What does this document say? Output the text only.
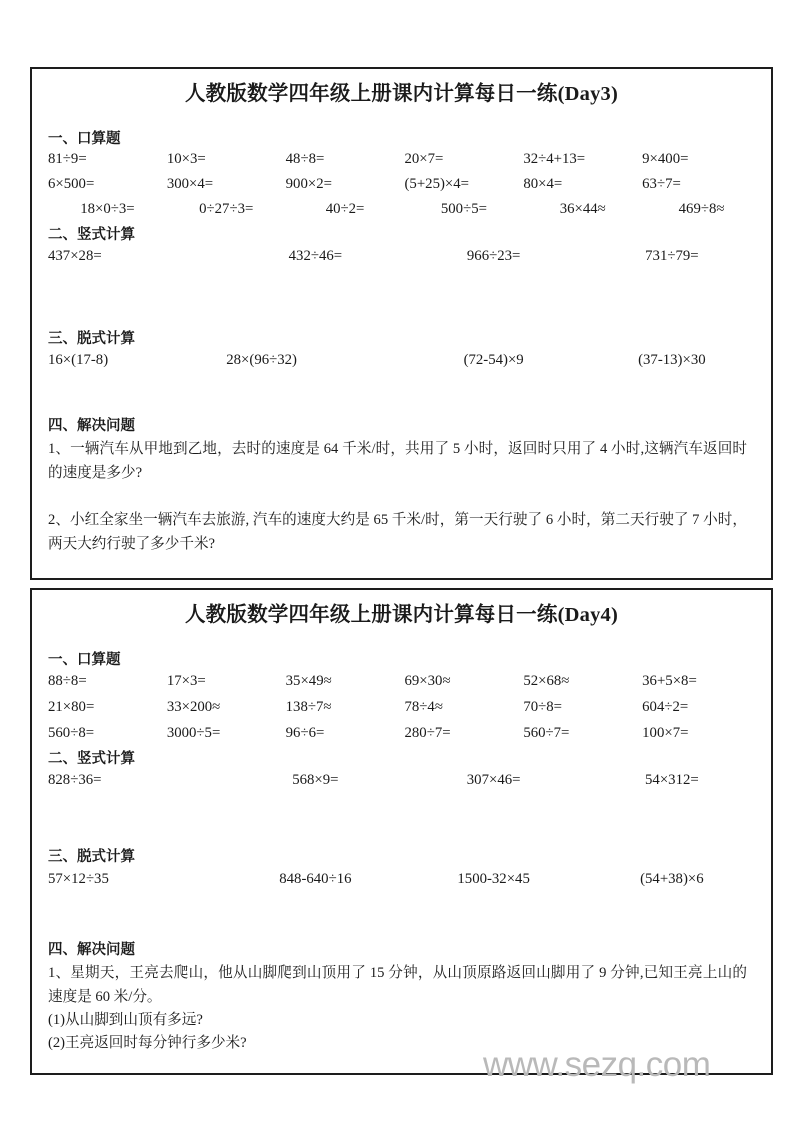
人教版数学四年级上册课内计算每日一练(Day3)
一、口算题
81÷9=	10×3=	48÷8=	20×7=	32÷4+13=	9×400=
6×500=	300×4=	900×2=	(5+25)×4=	80×4=	63÷7=
18×0÷3=	0÷27÷3=	40÷2=	500÷5=	36×44≈	469÷8≈
二、竖式计算
437×28=	432÷46=	966÷23=	731÷79=
三、脱式计算
16×(17-8)	28×(96÷32)	(72-54)×9	(37-13)×30
四、解决问题
1、一辆汽车从甲地到乙地，去时的速度是 64 千米/时，共用了 5 小时，返回时只用了 4 小时,这辆汽车返回时的速度是多少?
2、小红全家坐一辆汽车去旅游, 汽车的速度大约是 65 千米/时，第一天行驶了 6 小时，第二天行驶了 7 小时，两天大约行驶了多少千米?
人教版数学四年级上册课内计算每日一练(Day4)
一、口算题
88÷8=	17×3=	35×49≈	69×30≈	52×68≈	36+5×8=
21×80=	33×200≈	138÷7≈	78÷4≈	70÷8=	604÷2=
560÷8=	3000÷5=	96÷6=	280÷7=	560÷7=	100×7=
二、竖式计算
828÷36=	568×9=	307×46=	54×312=
三、脱式计算
57×12÷35	848-640÷16	1500-32×45	(54+38)×6
四、解决问题
1、星期天，王亮去爬山，他从山脚爬到山顶用了 15 分钟，从山顶原路返回山脚用了 9 分钟,已知王亮上山的速度是 60 米/分。
(1)从山脚到山顶有多远?
(2)王亮返回时每分钟行多少米?
www.sezq.com
